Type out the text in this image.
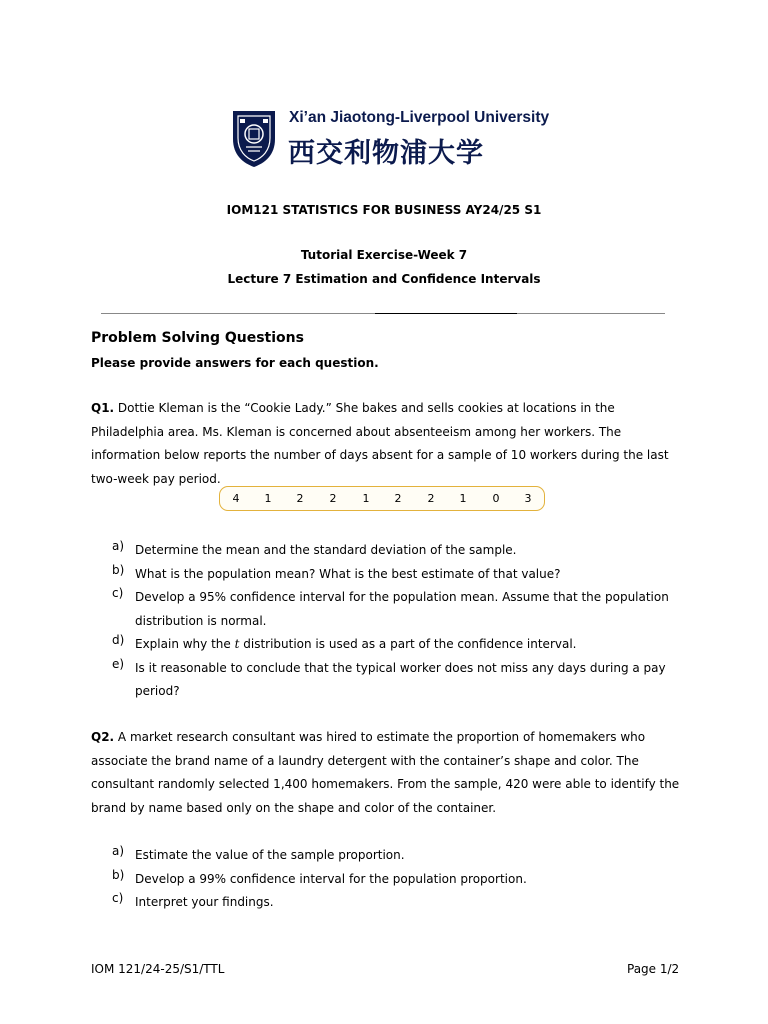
Xi’an Jiaotong-Liverpool University
西交利物浦大学
IOM121 STATISTICS FOR BUSINESS AY24/25 S1
Tutorial Exercise-Week 7
Lecture 7 Estimation and Confidence Intervals
Problem Solving Questions
Please provide answers for each question.
Q1. Dottie Kleman is the “Cookie Lady.” She bakes and sells cookies at locations in the Philadelphia area. Ms. Kleman is concerned about absenteeism among her workers. The information below reports the number of days absent for a sample of 10 workers during the last two-week pay period.
4 1 2 2 1 2 2 1 0 3
a) Determine the mean and the standard deviation of the sample.
b) What is the population mean? What is the best estimate of that value?
c) Develop a 95% confidence interval for the population mean. Assume that the population distribution is normal.
d) Explain why the t distribution is used as a part of the confidence interval.
e) Is it reasonable to conclude that the typical worker does not miss any days during a pay period?
Q2. A market research consultant was hired to estimate the proportion of homemakers who associate the brand name of a laundry detergent with the container’s shape and color. The consultant randomly selected 1,400 homemakers. From the sample, 420 were able to identify the brand by name based only on the shape and color of the container.
a) Estimate the value of the sample proportion.
b) Develop a 99% confidence interval for the population proportion.
c) Interpret your findings.
IOM 121/24-25/S1/TTL	Page 1/2
